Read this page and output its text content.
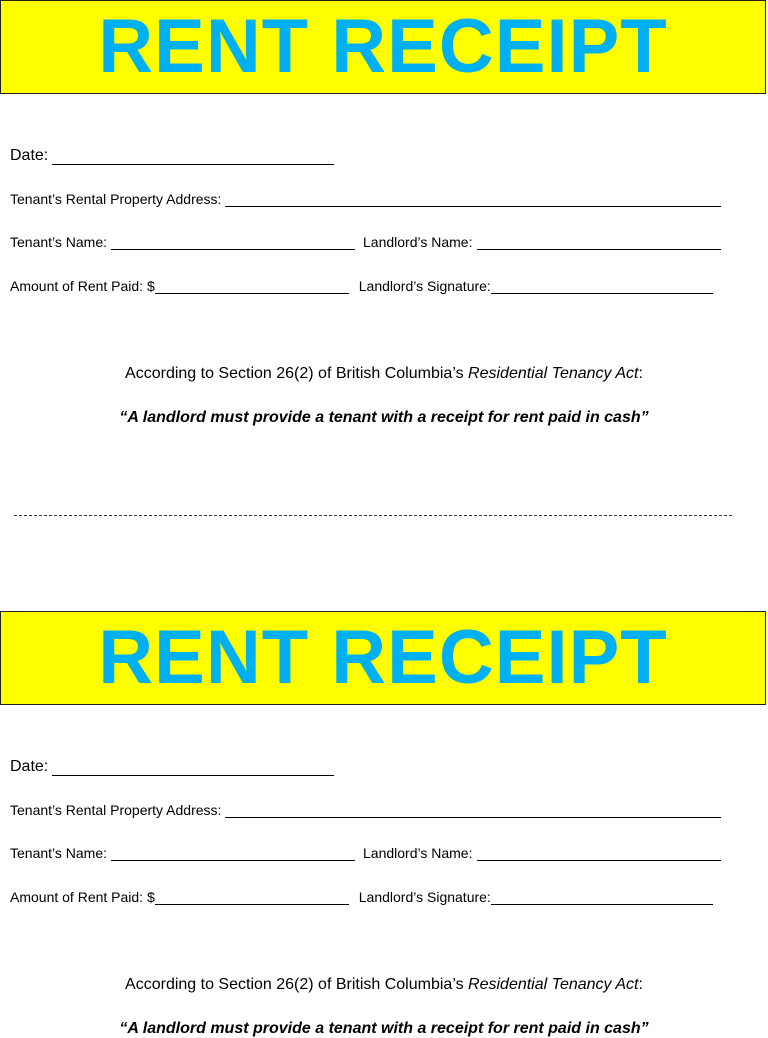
RENT RECEIPT
Date:
Tenant’s Rental Property Address:
Tenant’s Name:	Landlord’s Name:
Amount of Rent Paid: $	Landlord’s Signature:
According to Section 26(2) of British Columbia’s Residential Tenancy Act:
“A landlord must provide a tenant with a receipt for rent paid in cash”
RENT RECEIPT
Date:
Tenant’s Rental Property Address:
Tenant’s Name:	Landlord’s Name:
Amount of Rent Paid: $	Landlord’s Signature:
According to Section 26(2) of British Columbia’s Residential Tenancy Act:
“A landlord must provide a tenant with a receipt for rent paid in cash”
